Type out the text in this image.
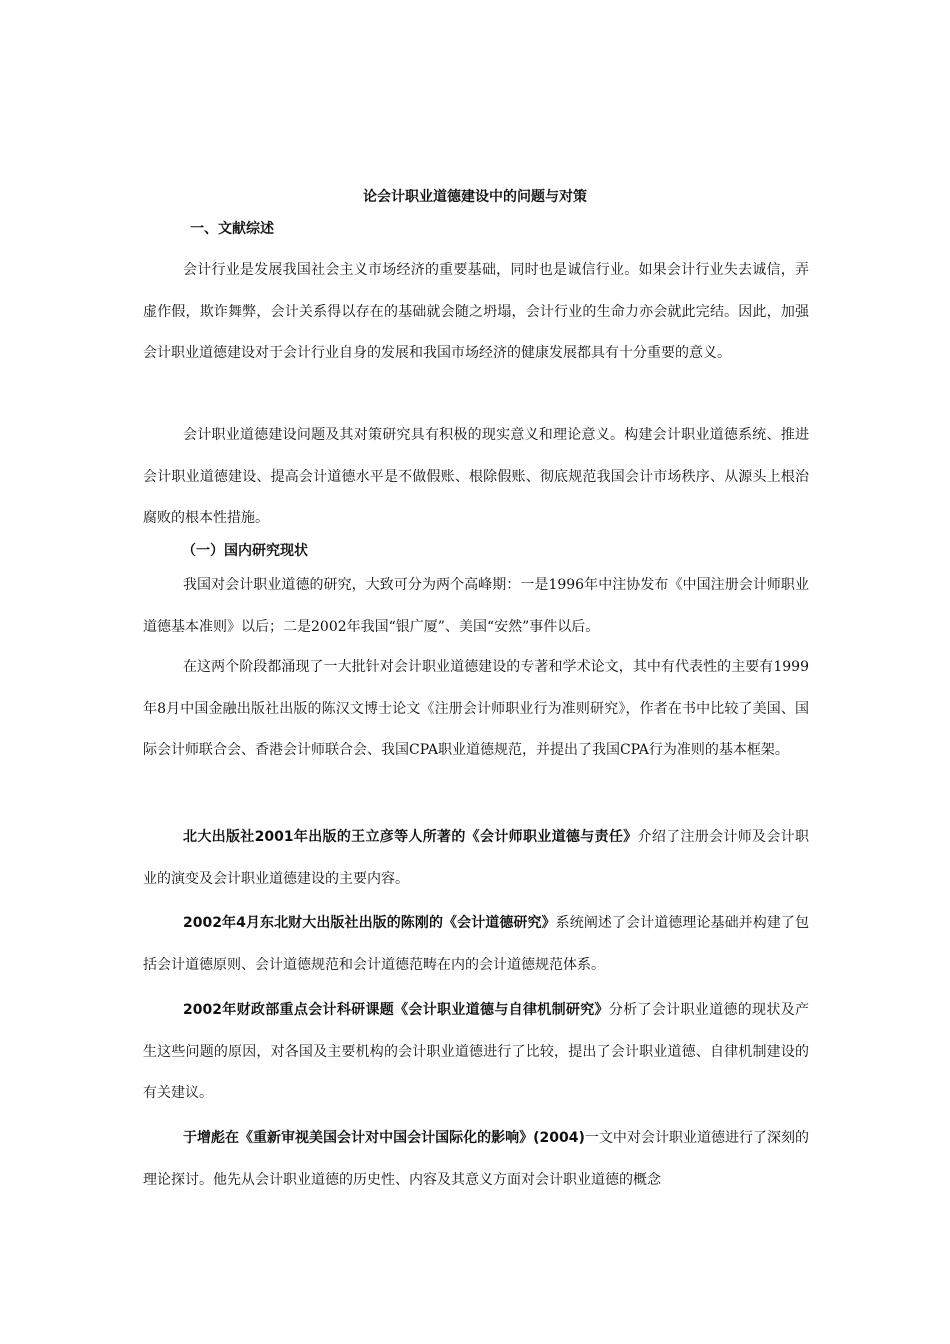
论会计职业道德建设中的问题与对策
一、文献综述

会计行业是发展我国社会主义市场经济的重要基础，同时也是诚信行业。如果会计行业失去诚信，弄虚作假，欺诈舞弊，会计关系得以存在的基础就会随之坍塌，会计行业的生命力亦会就此完结。因此，加强会计职业道德建设对于会计行业自身的发展和我国市场经济的健康发展都具有十分重要的意义。

会计职业道德建设问题及其对策研究具有积极的现实意义和理论意义。构建会计职业道德系统、推进会计职业道德建设、提高会计道德水平是不做假账、根除假账、彻底规范我国会计市场秩序、从源头上根治腐败的根本性措施。

（一）国内研究现状

我国对会计职业道德的研究，大致可分为两个高峰期：一是1996年中注协发布《中国注册会计师职业道德基本准则》以后；二是2002年我国“银广厦”、美国“安然”事件以后。

在这两个阶段都涌现了一大批针对会计职业道德建设的专著和学术论文，其中有代表性的主要有1999年8月中国金融出版社出版的陈汉文博士论文《注册会计师职业行为准则研究》，作者在书中比较了美国、国际会计师联合会、香港会计师联合会、我国CPA职业道德规范，并提出了我国CPA行为准则的基本框架。

北大出版社2001年出版的王立彦等人所著的《会计师职业道德与责任》介绍了注册会计师及会计职业的演变及会计职业道德建设的主要内容。

2002年4月东北财大出版社出版的陈刚的《会计道德研究》系统阐述了会计道德理论基础并构建了包括会计道德原则、会计道德规范和会计道德范畴在内的会计道德规范体系。

2002年财政部重点会计科研课题《会计职业道德与自律机制研究》分析了会计职业道德的现状及产生这些问题的原因，对各国及主要机构的会计职业道德进行了比较，提出了会计职业道德、自律机制建设的有关建议。

于增彪在《重新审视美国会计对中国会计国际化的影响》(2004)一文中对会计职业道德进行了深刻的理论探讨。他先从会计职业道德的历史性、内容及其意义方面对会计职业道德的概念
